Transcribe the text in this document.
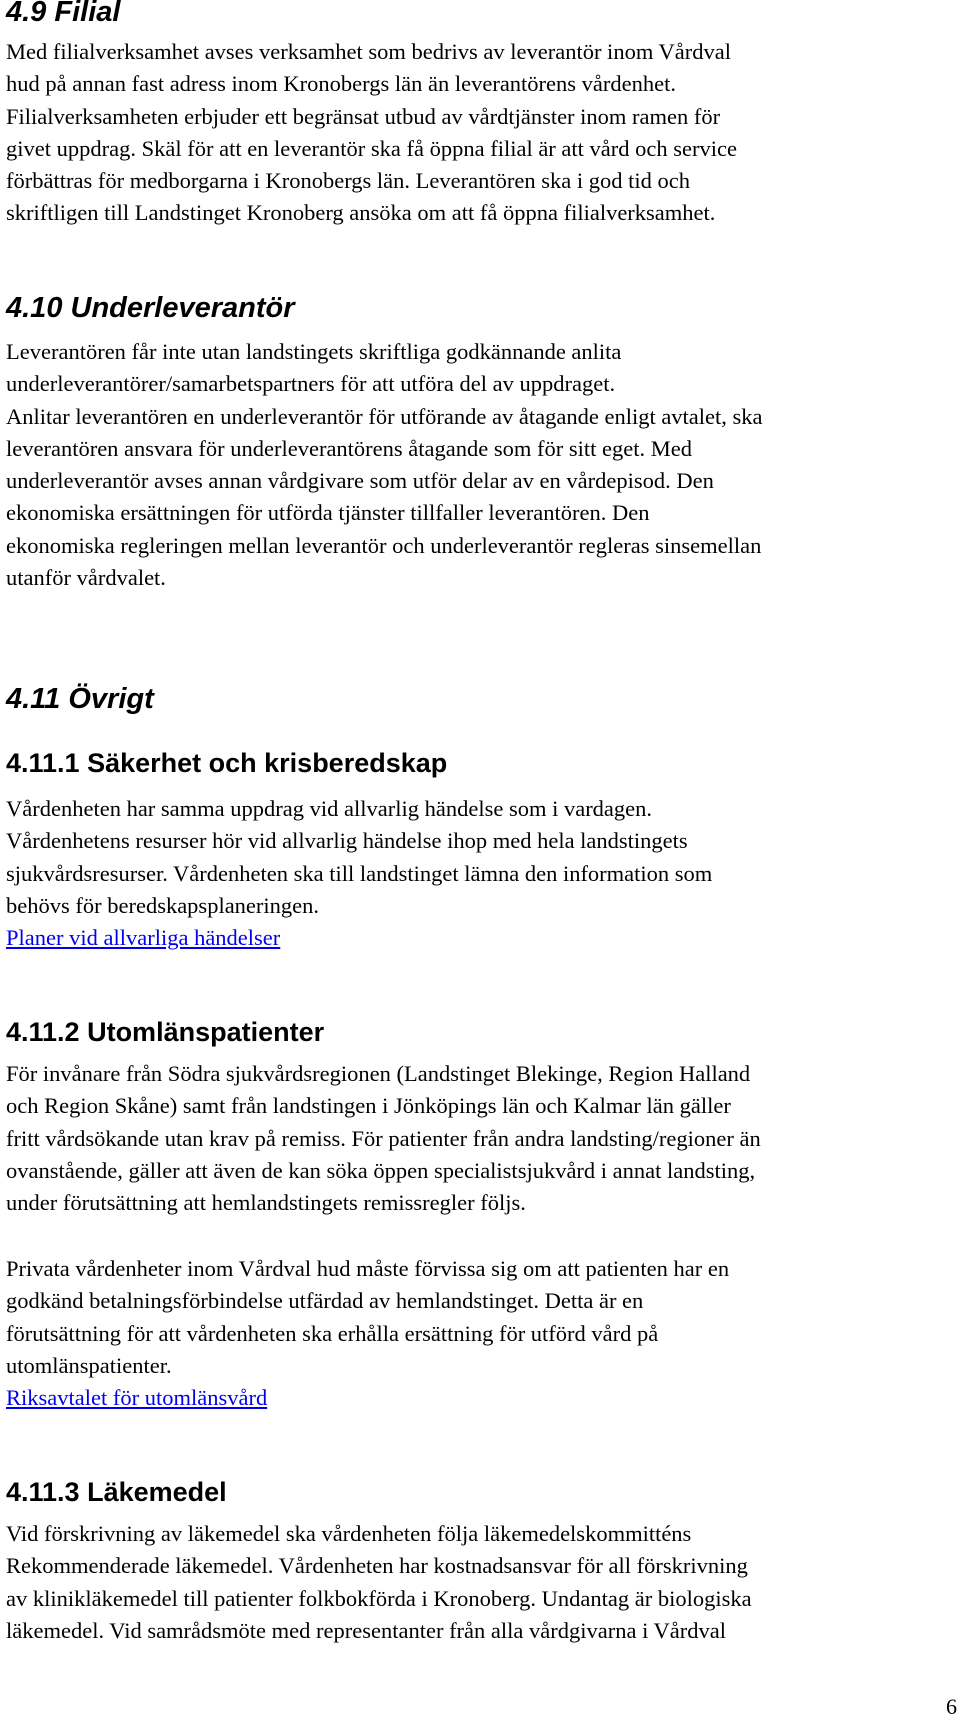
4.9 Filial

Med filialverksamhet avses verksamhet som bedrivs av leverantör inom Vårdval
hud på annan fast adress inom Kronobergs län än leverantörens vårdenhet.
Filialverksamheten erbjuder ett begränsat utbud av vårdtjänster inom ramen för
givet uppdrag. Skäl för att en leverantör ska få öppna filial är att vård och service
förbättras för medborgarna i Kronobergs län. Leverantören ska i god tid och
skriftligen till Landstinget Kronoberg ansöka om att få öppna filialverksamhet.

4.10 Underleverantör

Leverantören får inte utan landstingets skriftliga godkännande anlita
underleverantörer/samarbetspartners för att utföra del av uppdraget.
Anlitar leverantören en underleverantör för utförande av åtagande enligt avtalet, ska
leverantören ansvara för underleverantörens åtagande som för sitt eget. Med
underleverantör avses annan vårdgivare som utför delar av en vårdepisod. Den
ekonomiska ersättningen för utförda tjänster tillfaller leverantören. Den
ekonomiska regleringen mellan leverantör och underleverantör regleras sinsemellan
utanför vårdvalet.

4.11 Övrigt
4.11.1 Säkerhet och krisberedskap

Vårdenheten har samma uppdrag vid allvarlig händelse som i vardagen.
Vårdenhetens resurser hör vid allvarlig händelse ihop med hela landstingets
sjukvårdsresurser. Vårdenheten ska till landstinget lämna den information som
behövs för beredskapsplaneringen.
Planer vid allvarliga händelser

4.11.2 Utomlänspatienter

För invånare från Södra sjukvårdsregionen (Landstinget Blekinge, Region Halland
och Region Skåne) samt från landstingen i Jönköpings län och Kalmar län gäller
fritt vårdsökande utan krav på remiss. För patienter från andra landsting/regioner än
ovanstående, gäller att även de kan söka öppen specialistsjukvård i annat landsting,
under förutsättning att hemlandstingets remissregler följs.

Privata vårdenheter inom Vårdval hud måste förvissa sig om att patienten har en
godkänd betalningsförbindelse utfärdad av hemlandstinget. Detta är en
förutsättning för att vårdenheten ska erhålla ersättning för utförd vård på
utomlänspatienter.
Riksavtalet för utomlänsvård

4.11.3 Läkemedel

Vid förskrivning av läkemedel ska vårdenheten följa läkemedelskommitténs
Rekommenderade läkemedel. Vårdenheten har kostnadsansvar för all förskrivning
av klinikläkemedel till patienter folkbokförda i Kronoberg. Undantag är biologiska
läkemedel. Vid samrådsmöte med representanter från alla vårdgivarna i Vårdval

6
